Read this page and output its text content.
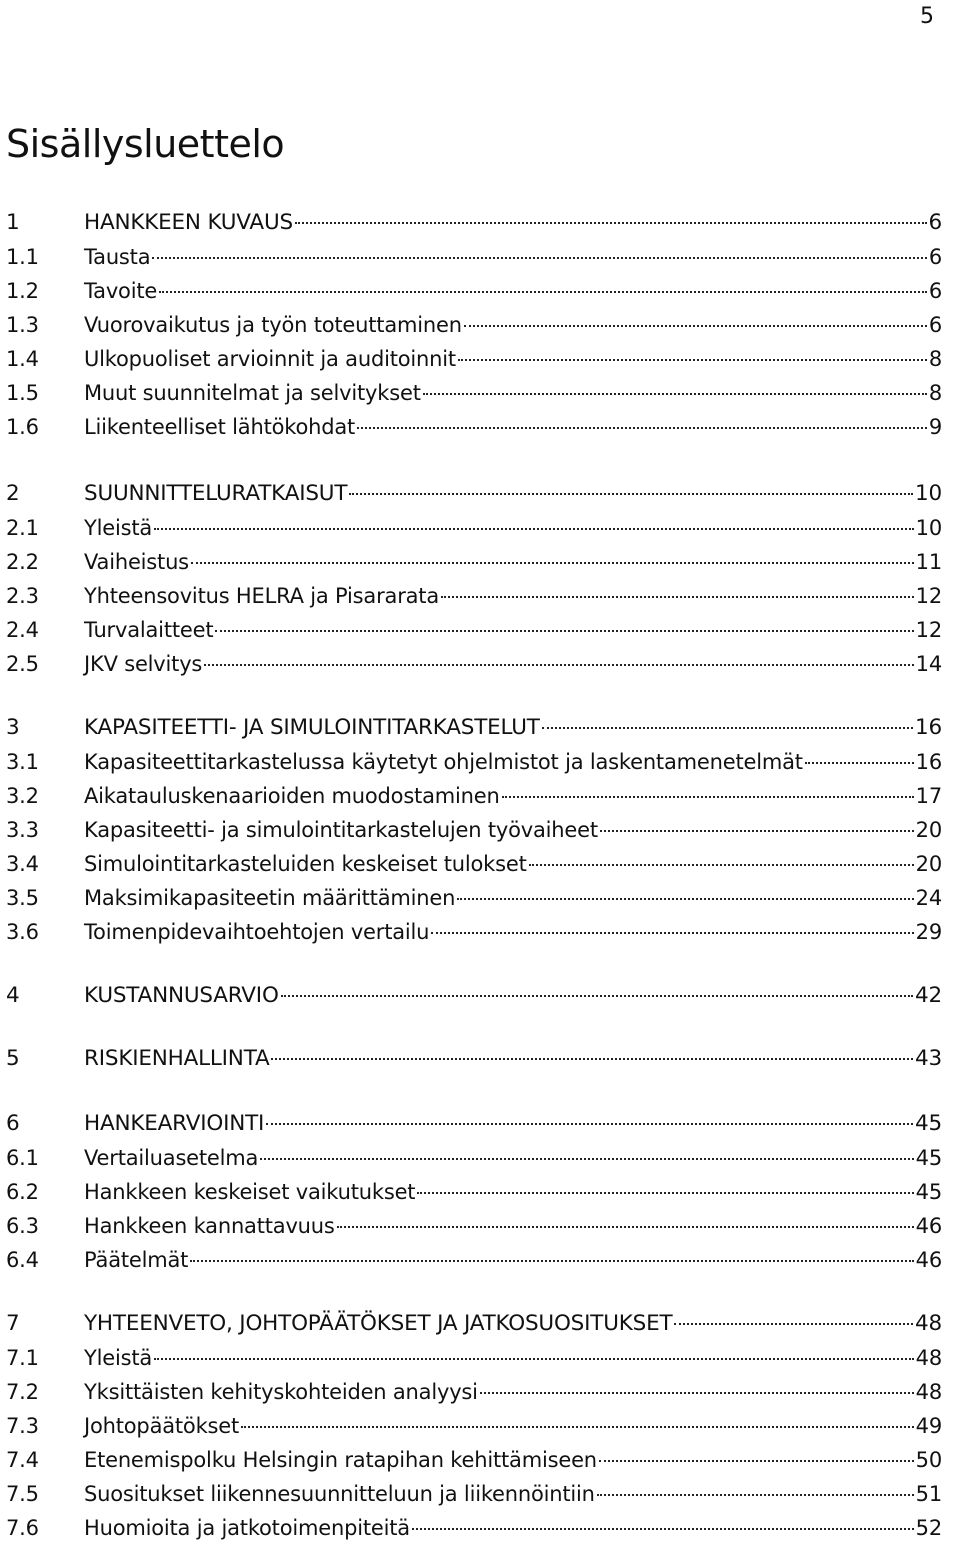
5
Sisällysluettelo
1	HANKKEEN KUVAUS	6
1.1	Tausta	6
1.2	Tavoite	6
1.3	Vuorovaikutus ja työn toteuttaminen	6
1.4	Ulkopuoliset arvioinnit ja auditoinnit	8
1.5	Muut suunnitelmat ja selvitykset	8
1.6	Liikenteelliset lähtökohdat	9
2	SUUNNITTELURATKAISUT	10
2.1	Yleistä	10
2.2	Vaiheistus	11
2.3	Yhteensovitus HELRA ja Pisararata	12
2.4	Turvalaitteet	12
2.5	JKV selvitys	14
3	KAPASITEETTI- JA SIMULOINTITARKASTELUT	16
3.1	Kapasiteettitarkastelussa käytetyt ohjelmistot ja laskentamenetelmät	16
3.2	Aikatauluskenaarioiden muodostaminen	17
3.3	Kapasiteetti- ja simulointitarkastelujen työvaiheet	20
3.4	Simulointitarkasteluiden keskeiset tulokset	20
3.5	Maksimikapasiteetin määrittäminen	24
3.6	Toimenpidevaihtoehtojen vertailu	29
4	KUSTANNUSARVIO	42
5	RISKIENHALLINTA	43
6	HANKEARVIOINTI	45
6.1	Vertailuasetelma	45
6.2	Hankkeen keskeiset vaikutukset	45
6.3	Hankkeen kannattavuus	46
6.4	Päätelmät	46
7	YHTEENVETO, JOHTOPÄÄTÖKSET JA JATKOSUOSITUKSET	48
7.1	Yleistä	48
7.2	Yksittäisten kehityskohteiden analyysi	48
7.3	Johtopäätökset	49
7.4	Etenemispolku Helsingin ratapihan kehittämiseen	50
7.5	Suositukset liikennesuunnitteluun ja liikennöintiin	51
7.6	Huomioita ja jatkotoimenpiteitä	52
